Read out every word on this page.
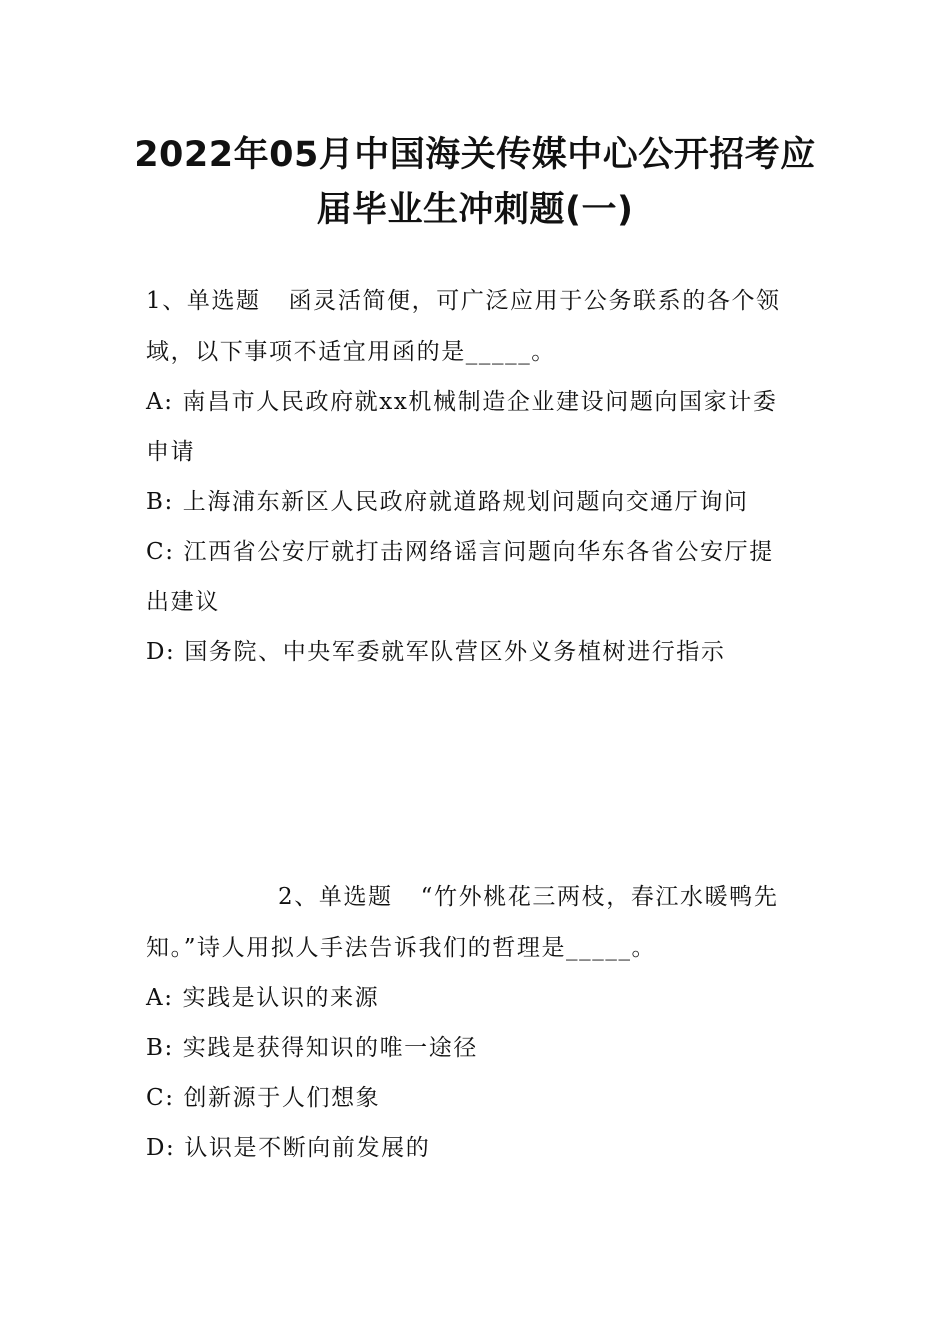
2022年05月中国海关传媒中心公开招考应
届毕业生冲刺题(一)
1、单选题 函灵活简便，可广泛应用于公务联系的各个领
域，以下事项不适宜用函的是_____。
A: 南昌市人民政府就xx机械制造企业建设问题向国家计委
申请
B: 上海浦东新区人民政府就道路规划问题向交通厅询问
C: 江西省公安厅就打击网络谣言问题向华东各省公安厅提
出建议
D: 国务院、中央军委就军队营区外义务植树进行指示
2、单选题 “竹外桃花三两枝，春江水暖鸭先
知。”诗人用拟人手法告诉我们的哲理是_____。
A: 实践是认识的来源
B: 实践是获得知识的唯一途径
C: 创新源于人们想象
D: 认识是不断向前发展的
